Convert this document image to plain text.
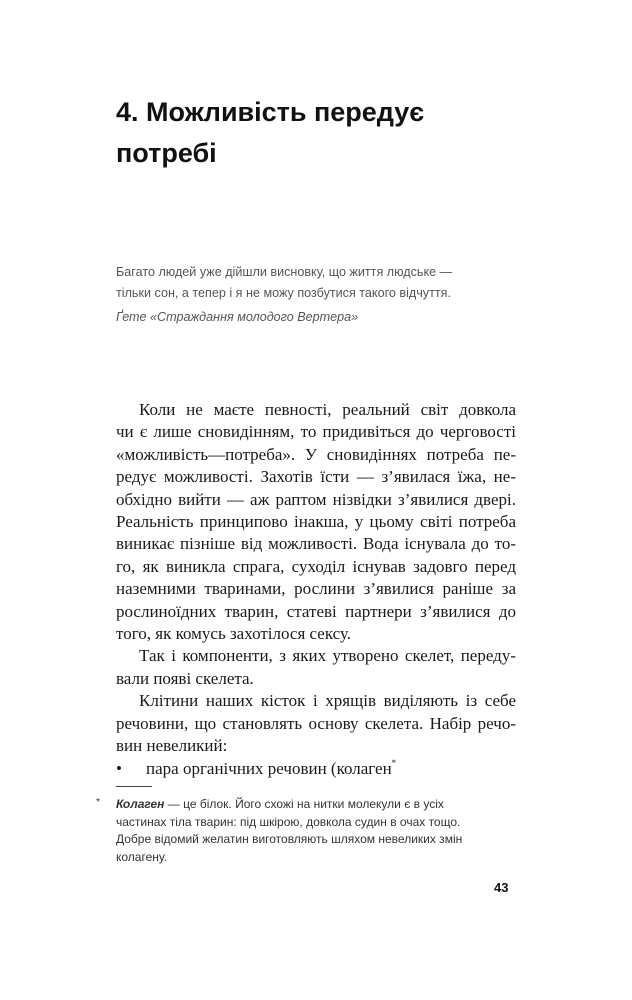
4. Можливість передує
потребі
Багато людей уже дійшли висновку, що життя людське —
тільки сон, а тепер і я не можу позбутися такого відчуття.
Ґете «Страждання молодого Вертера»
Коли не маєте певності, реальний світ довкола
чи є лише сновидінням, то придивіться до черговості
«можливість—потреба». У сновидіннях потреба пе-
редує можливості. Захотів їсти — з’явилася їжа, не-
обхідно вийти — аж раптом нізвідки з’явилися двері.
Реальність принципово інакша, у цьому світі потреба
виникає пізніше від можливості. Вода існувала до то-
го, як виникла спрага, суходіл існував задовго перед
наземними тваринами, рослини з’явилися раніше за
рослиноїдних тварин, статеві партнери з’явилися до
того, як комусь захотілося сексу.
Так і компоненти, з яких утворено скелет, переду-
вали появі скелета.
Клітини наших кісток і хрящів виділяють із себе
речовини, що становлять основу скелета. Набір речо-
вин невеликий:
• пара органічних речовин (колаген*
* Колаген — це білок. Його схожі на нитки молекули є в усіх
частинах тіла тварин: під шкірою, довкола судин в очах тощо.
Добре відомий желатин виготовляють шляхом невеликих змін
колагену.
43
